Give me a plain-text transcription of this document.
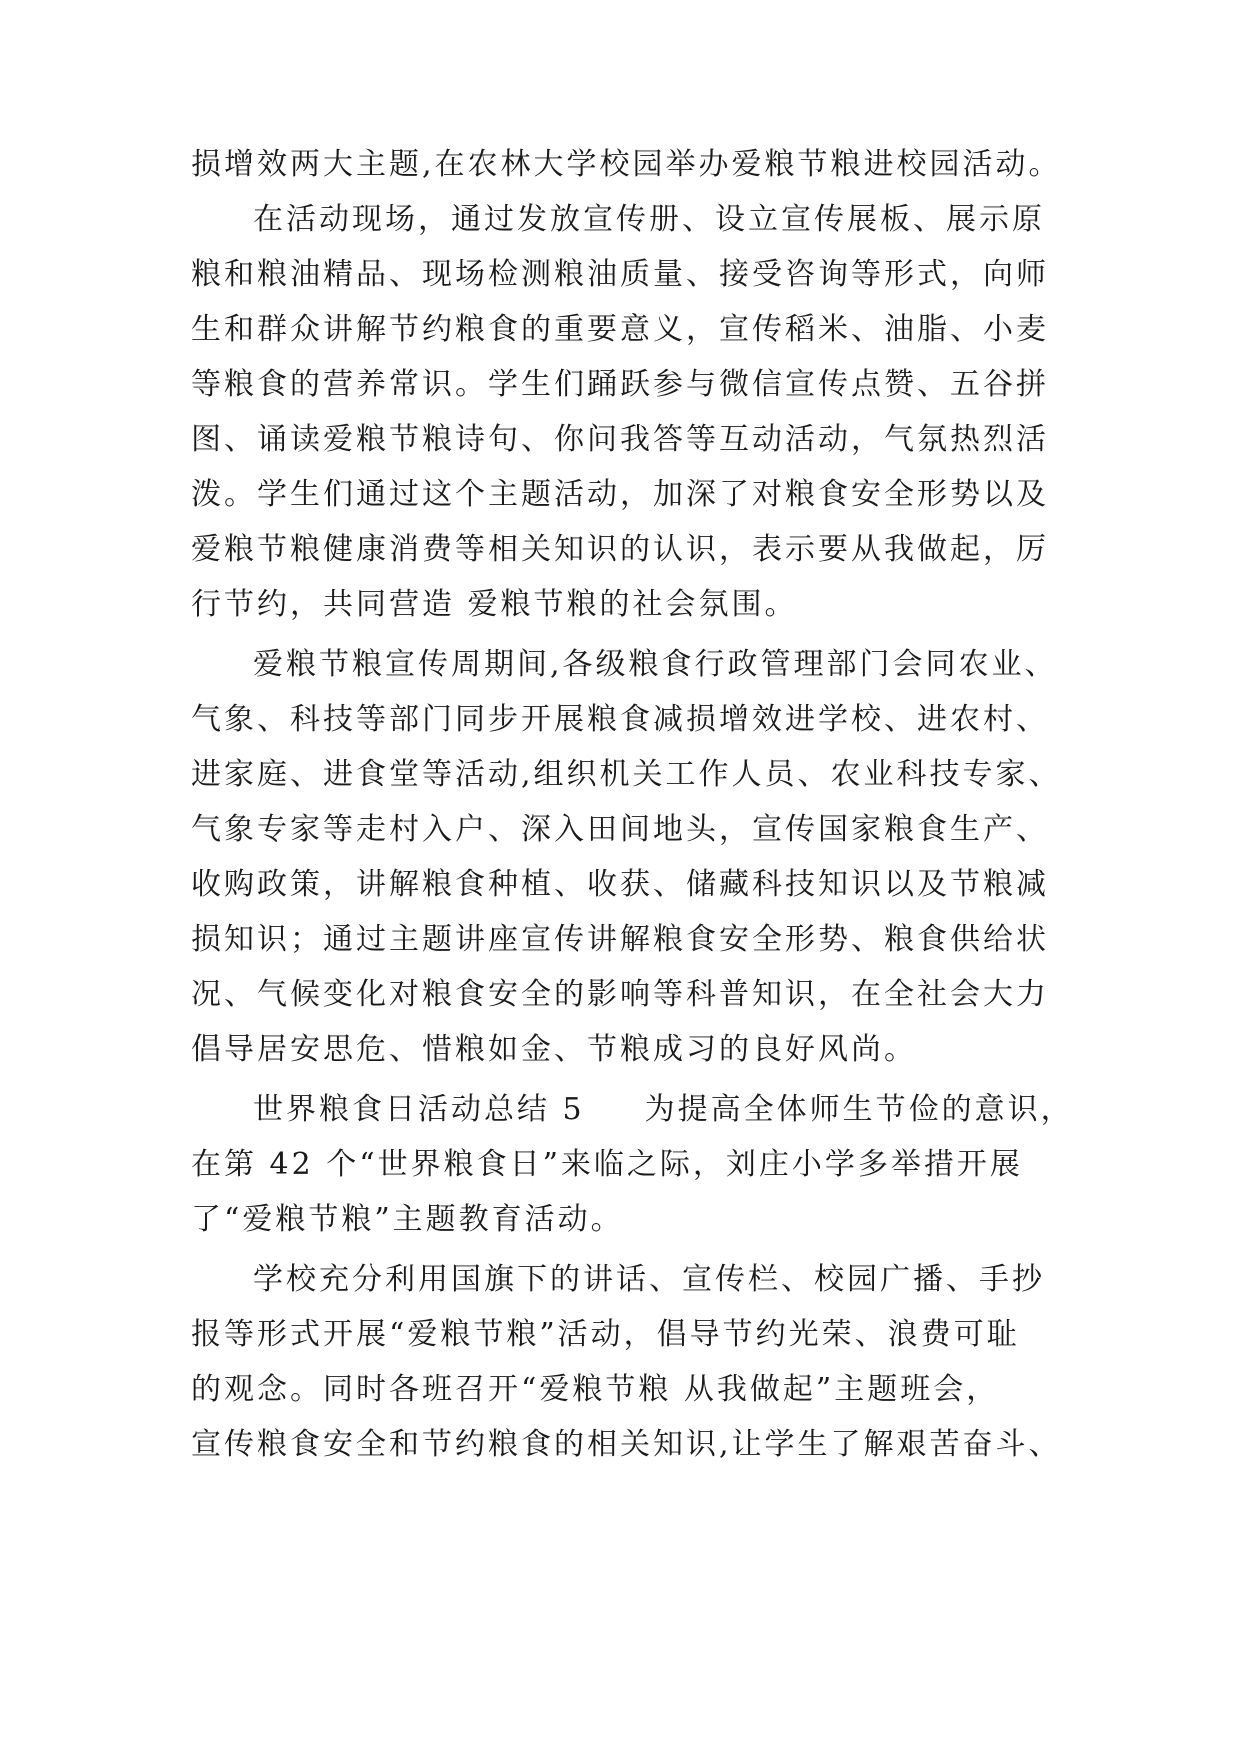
损增效两大主题,在农林大学校园举办爱粮节粮进校园活动。
在活动现场，通过发放宣传册、设立宣传展板、展示原
粮和粮油精品、现场检测粮油质量、接受咨询等形式，向师
生和群众讲解节约粮食的重要意义，宣传稻米、油脂、小麦
等粮食的营养常识。学生们踊跃参与微信宣传点赞、五谷拼
图、诵读爱粮节粮诗句、你问我答等互动活动，气氛热烈活
泼。学生们通过这个主题活动，加深了对粮食安全形势以及
爱粮节粮健康消费等相关知识的认识，表示要从我做起，厉
行节约，共同营造 爱粮节粮的社会氛围。
爱粮节粮宣传周期间,各级粮食行政管理部门会同农业、
气象、科技等部门同步开展粮食减损增效进学校、进农村、
进家庭、进食堂等活动,组织机关工作人员、农业科技专家、
气象专家等走村入户、深入田间地头，宣传国家粮食生产、
收购政策，讲解粮食种植、收获、储藏科技知识以及节粮减
损知识；通过主题讲座宣传讲解粮食安全形势、粮食供给状
况、气候变化对粮食安全的影响等科普知识，在全社会大力
倡导居安思危、惜粮如金、节粮成习的良好风尚。
世界粮食日活动总结 5 为提高全体师生节俭的意识，
在第 42 个“世界粮食日”来临之际，刘庄小学多举措开展
了“爱粮节粮”主题教育活动。
学校充分利用国旗下的讲话、宣传栏、校园广播、手抄
报等形式开展“爱粮节粮”活动，倡导节约光荣、浪费可耻
的观念。同时各班召开“爱粮节粮 从我做起”主题班会，
宣传粮食安全和节约粮食的相关知识,让学生了解艰苦奋斗、
